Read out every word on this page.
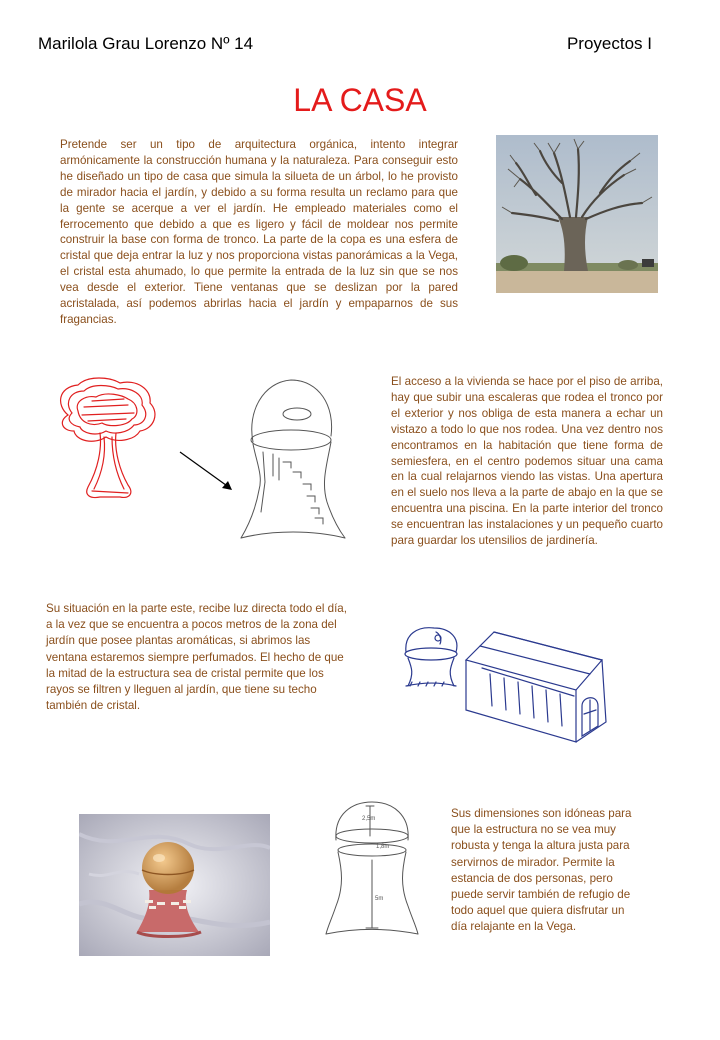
Marilola Grau Lorenzo Nº 14	Proyectos I
LA CASA

Pretende ser un tipo de arquitectura orgánica, intento integrar armónicamente la construcción humana y la naturaleza. Para conseguir esto he diseñado un tipo de casa que simula la silueta de un árbol, lo he provisto de mirador hacia el jardín, y debido a su forma resulta un reclamo para que la gente se acerque a ver el jardín. He empleado materiales como el ferrocemento que debido a que es ligero y fácil de moldear nos permite construir la base con forma de tronco. La parte de la copa es una esfera de cristal que deja entrar la luz y nos proporciona vistas panorámicas a la Vega, el cristal esta ahumado, lo que permite la entrada de la luz sin que se nos vea desde el exterior. Tiene ventanas que se deslizan por la pared acristalada, así podemos abrirlas hacia el jardín y empaparnos de sus fragancias.

El acceso a la vivienda se hace por el piso de arriba, hay que subir una escaleras que rodea el tronco por el exterior y nos obliga de esta manera a echar un vistazo a todo lo que nos rodea. Una vez dentro nos encontramos en la habitación que tiene forma de semiesfera, en el centro podemos situar una cama en la cual relajarnos viendo las vistas. Una apertura en el suelo nos lleva a la parte de abajo en la que se encuentra una piscina. En la parte interior del tronco se encuentran las instalaciones y un pequeño cuarto para guardar los utensilios de jardinería.

Su situación en la parte este, recibe luz directa todo el día, a la vez que se encuentra a pocos metros de la zona del jardín que posee plantas aromáticas, si abrimos las ventana estaremos siempre perfumados. El hecho de que la mitad de la estructura sea de cristal permite que los rayos se filtren y lleguen al jardín, que tiene su techo también de cristal.

2,5m
1,8m
5m

Sus dimensiones son idóneas para que la estructura no se vea muy robusta y tenga la altura justa para servirnos de mirador. Permite la estancia de dos personas, pero puede servir también de refugio de todo aquel que quiera disfrutar un día relajante en la Vega.
